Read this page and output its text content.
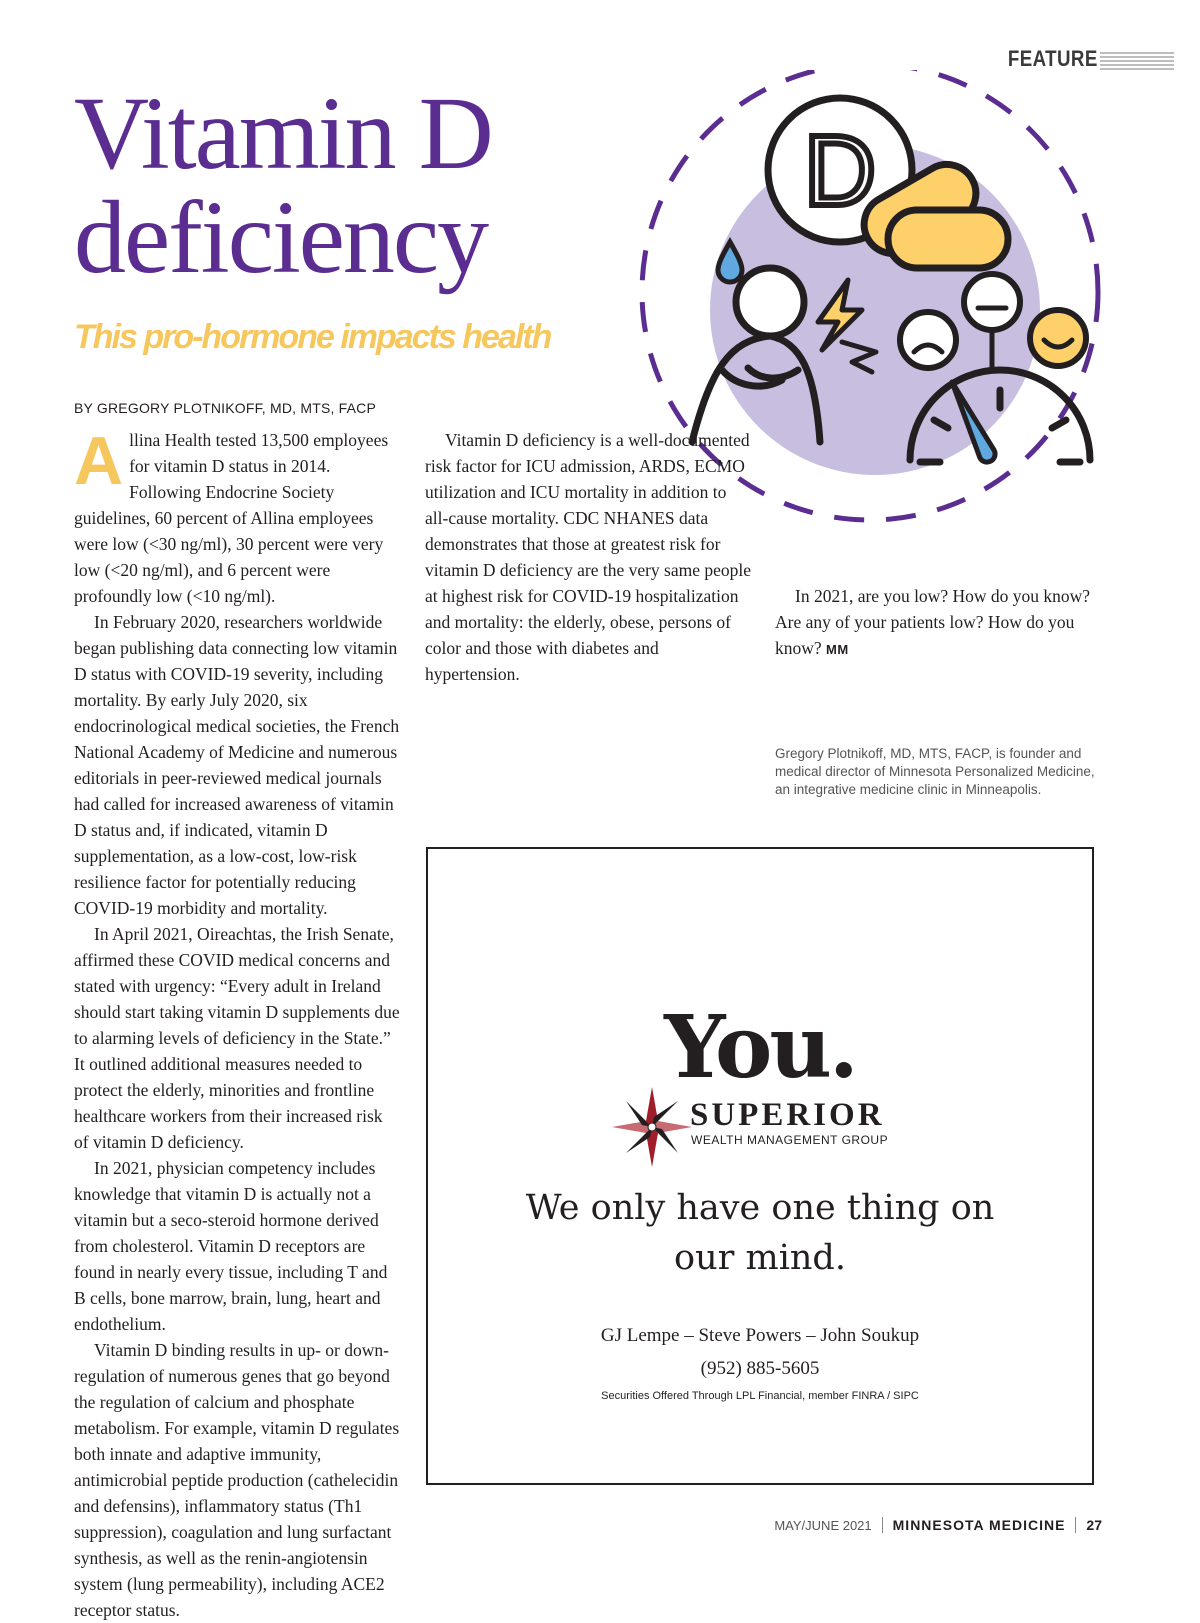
FEATURE
Vitamin D
deficiency
This pro-hormone impacts health
BY GREGORY PLOTNIKOFF, MD, MTS, FACP
D

Allina Health tested 13,500 employees for vitamin D status in 2014. Following Endocrine Society guidelines, 60 percent of Allina employees were low (<30 ng/ml), 30 percent were very low (<20 ng/ml), and 6 percent were profoundly low (<10 ng/ml).

In February 2020, researchers worldwide began publishing data connecting low vitamin D status with COVID-19 severity, including mortality. By early July 2020, six endocrinological medical societies, the French National Academy of Medicine and numerous editorials in peer-reviewed medical journals had called for increased awareness of vitamin D status and, if indicated, vitamin D supplementation, as a low-cost, low-risk resilience factor for potentially reducing COVID-19 morbidity and mortality.

In April 2021, Oireachtas, the Irish Senate, affirmed these COVID medical concerns and stated with urgency: “Every adult in Ireland should start taking vitamin D supplements due to alarming levels of deficiency in the State.” It outlined additional measures needed to protect the elderly, minorities and frontline healthcare workers from their increased risk of vitamin D deficiency.

In 2021, physician competency includes knowledge that vitamin D is actually not a vitamin but a seco-steroid hormone derived from cholesterol. Vitamin D receptors are found in nearly every tissue, including T and B cells, bone marrow, brain, lung, heart and endothelium.

Vitamin D binding results in up- or down-regulation of numerous genes that go beyond the regulation of calcium and phosphate metabolism. For example, vitamin D regulates both innate and adaptive immunity, antimicrobial peptide production (cathelecidin and defensins), inflammatory status (Th1 suppression), coagulation and lung surfactant synthesis, as well as the renin-angiotensin system (lung permeability), including ACE2 receptor status.

Vitamin D deficiency is a well-documented risk factor for ICU admission, ARDS, ECMO utilization and ICU mortality in addition to all-cause mortality. CDC NHANES data demonstrates that those at greatest risk for vitamin D deficiency are the very same people at highest risk for COVID-19 hospitalization and mortality: the elderly, obese, persons of color and those with diabetes and hypertension.

In 2021, are you low? How do you know? Are any of your patients low? How do you know? MM

Gregory Plotnikoff, MD, MTS, FACP, is founder and medical director of Minnesota Personalized Medicine, an integrative medicine clinic in Minneapolis.
You.
SUPERIOR
WEALTH MANAGEMENT GROUP
We only have one thing on
our mind.
GJ Lempe – Steve Powers – John Soukup
(952) 885-5605
Securities Offered Through LPL Financial, member FINRA / SIPC
MAY/JUNE 2021 MINNESOTA MEDICINE 27
